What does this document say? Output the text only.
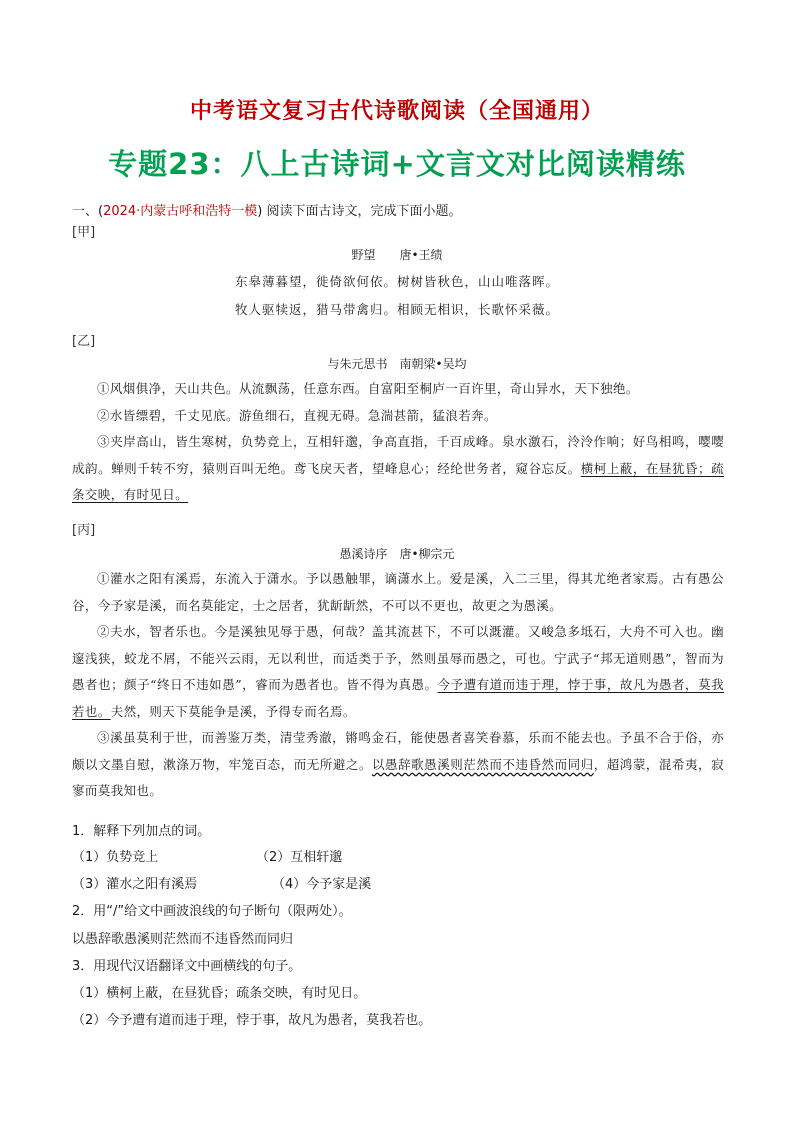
中考语文复习古代诗歌阅读（全国通用）
专题23：八上古诗词+文言文对比阅读精练
一、(2024·内蒙古呼和浩特一模) 阅读下面古诗文，完成下面小题。
[甲]
野望　　唐•王绩
东皋薄暮望，徙倚欲何依。树树皆秋色，山山唯落晖。
牧人驱犊返，猎马带禽归。相顾无相识，长歌怀采薇。
[乙]
与朱元思书　南朝梁•吴均

①风烟俱净，天山共色。从流飘荡，任意东西。自富阳至桐庐一百许里，奇山异水，天下独绝。

②水皆缥碧，千丈见底。游鱼细石，直视无碍。急湍甚箭，猛浪若奔。

③夹岸高山，皆生寒树，负势竞上，互相轩邈，争高直指，千百成峰。泉水激石，泠泠作响；好鸟相鸣，嘤嘤成韵。蝉则千转不穷，猿则百叫无绝。鸢飞戾天者，望峰息心；经纶世务者，窥谷忘反。横柯上蔽，在昼犹昏；疏条交映，有时见日。

[丙]
愚溪诗序　唐•柳宗元

①灌水之阳有溪焉，东流入于潇水。予以愚触罪，谪潇水上。爱是溪，入二三里，得其尤绝者家焉。古有愚公谷，今予家是溪，而名莫能定，士之居者，犹龂龂然，不可以不更也，故更之为愚溪。

②夫水，智者乐也。今是溪独见辱于愚，何哉？盖其流甚下，不可以溉灌。又峻急多坻石，大舟不可入也。幽邃浅狭，蛟龙不屑，不能兴云雨，无以利世，而适类于予，然则虽辱而愚之，可也。宁武子“邦无道则愚”，智而为愚者也；颜子“终日不违如愚”，睿而为愚者也。皆不得为真愚。今予遭有道而违于理，悖于事，故凡为愚者，莫我若也。夫然，则天下莫能争是溪，予得专而名焉。

③溪虽莫利于世，而善鉴万类，清莹秀澈，锵鸣金石，能使愚者喜笑眷慕，乐而不能去也。予虽不合于俗，亦颇以文墨自慰，漱涤万物，牢笼百态，而无所避之。以愚辞歌愚溪则茫然而不违昏然而同归，超鸿蒙，混希夷，寂寥而莫我知也。

1．解释下列加点的词。
（1）负势竞上	（2）互相轩邈
（3）灌水之阳有溪焉	（4）今予家是溪
2．用“/”给文中画波浪线的句子断句（限两处）。
以愚辞歌愚溪则茫然而不违昏然而同归
3．用现代汉语翻译文中画横线的句子。
（1）横柯上蔽，在昼犹昏；疏条交映，有时见日。
（2）今予遭有道而违于理，悖于事，故凡为愚者，莫我若也。
